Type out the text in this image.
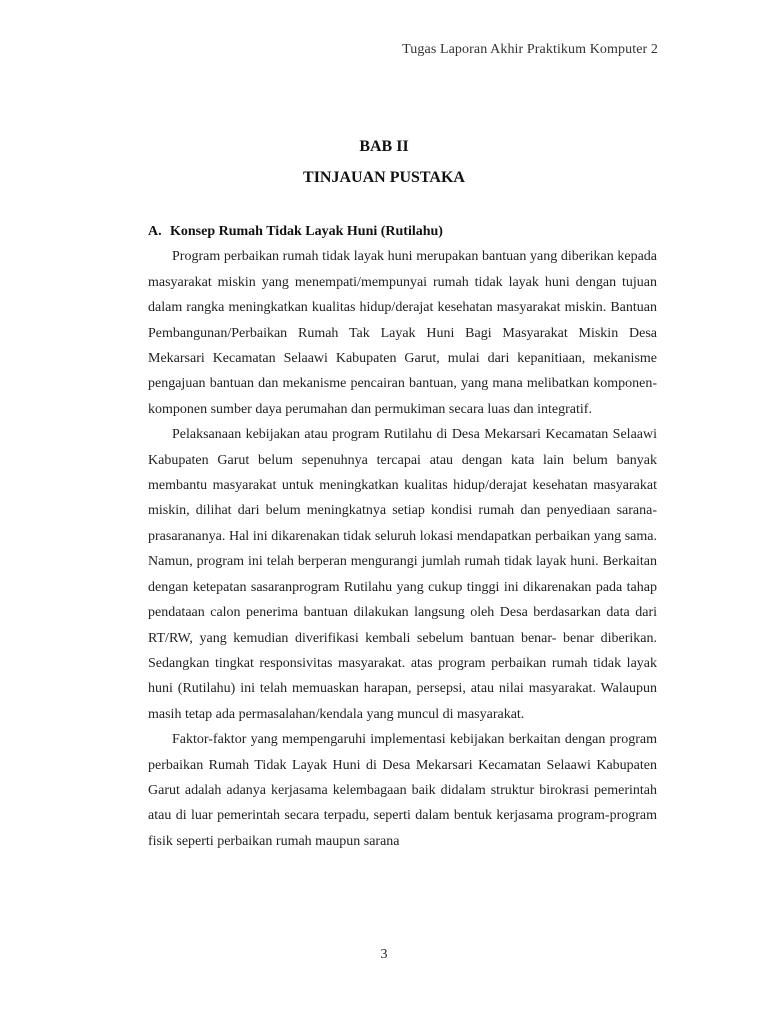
Tugas Laporan Akhir Praktikum Komputer 2
BAB II
TINJAUAN PUSTAKA

A. Konsep Rumah Tidak Layak Huni (Rutilahu)

Program perbaikan rumah tidak layak huni merupakan bantuan yang diberikan kepada masyarakat miskin yang menempati/mempunyai rumah tidak layak huni dengan tujuan dalam rangka meningkatkan kualitas hidup/derajat kesehatan masyarakat miskin. Bantuan Pembangunan/Perbaikan Rumah Tak Layak Huni Bagi Masyarakat Miskin Desa Mekarsari Kecamatan Selaawi Kabupaten Garut, mulai dari kepanitiaan, mekanisme pengajuan bantuan dan mekanisme pencairan bantuan, yang mana melibatkan komponen-komponen sumber daya perumahan dan permukiman secara luas dan integratif.

Pelaksanaan kebijakan atau program Rutilahu di Desa Mekarsari Kecamatan Selaawi Kabupaten Garut belum sepenuhnya tercapai atau dengan kata lain belum banyak membantu masyarakat untuk meningkatkan kualitas hidup/derajat kesehatan masyarakat miskin, dilihat dari belum meningkatnya setiap kondisi rumah dan penyediaan sarana-prasarananya. Hal ini dikarenakan tidak seluruh lokasi mendapatkan perbaikan yang sama. Namun, program ini telah berperan mengurangi jumlah rumah tidak layak huni. Berkaitan dengan ketepatan sasaranprogram Rutilahu yang cukup tinggi ini dikarenakan pada tahap pendataan calon penerima bantuan dilakukan langsung oleh Desa berdasarkan data dari RT/RW, yang kemudian diverifikasi kembali sebelum bantuan benar- benar diberikan. Sedangkan tingkat responsivitas masyarakat. atas program perbaikan rumah tidak layak huni (Rutilahu) ini telah memuaskan harapan, persepsi, atau nilai masyarakat. Walaupun masih tetap ada permasalahan/kendala yang muncul di masyarakat.

Faktor-faktor yang mempengaruhi implementasi kebijakan berkaitan dengan program perbaikan Rumah Tidak Layak Huni di Desa Mekarsari Kecamatan Selaawi Kabupaten Garut adalah adanya kerjasama kelembagaan baik didalam struktur birokrasi pemerintah atau di luar pemerintah secara terpadu, seperti dalam bentuk kerjasama program-program fisik seperti perbaikan rumah maupun sarana

3
